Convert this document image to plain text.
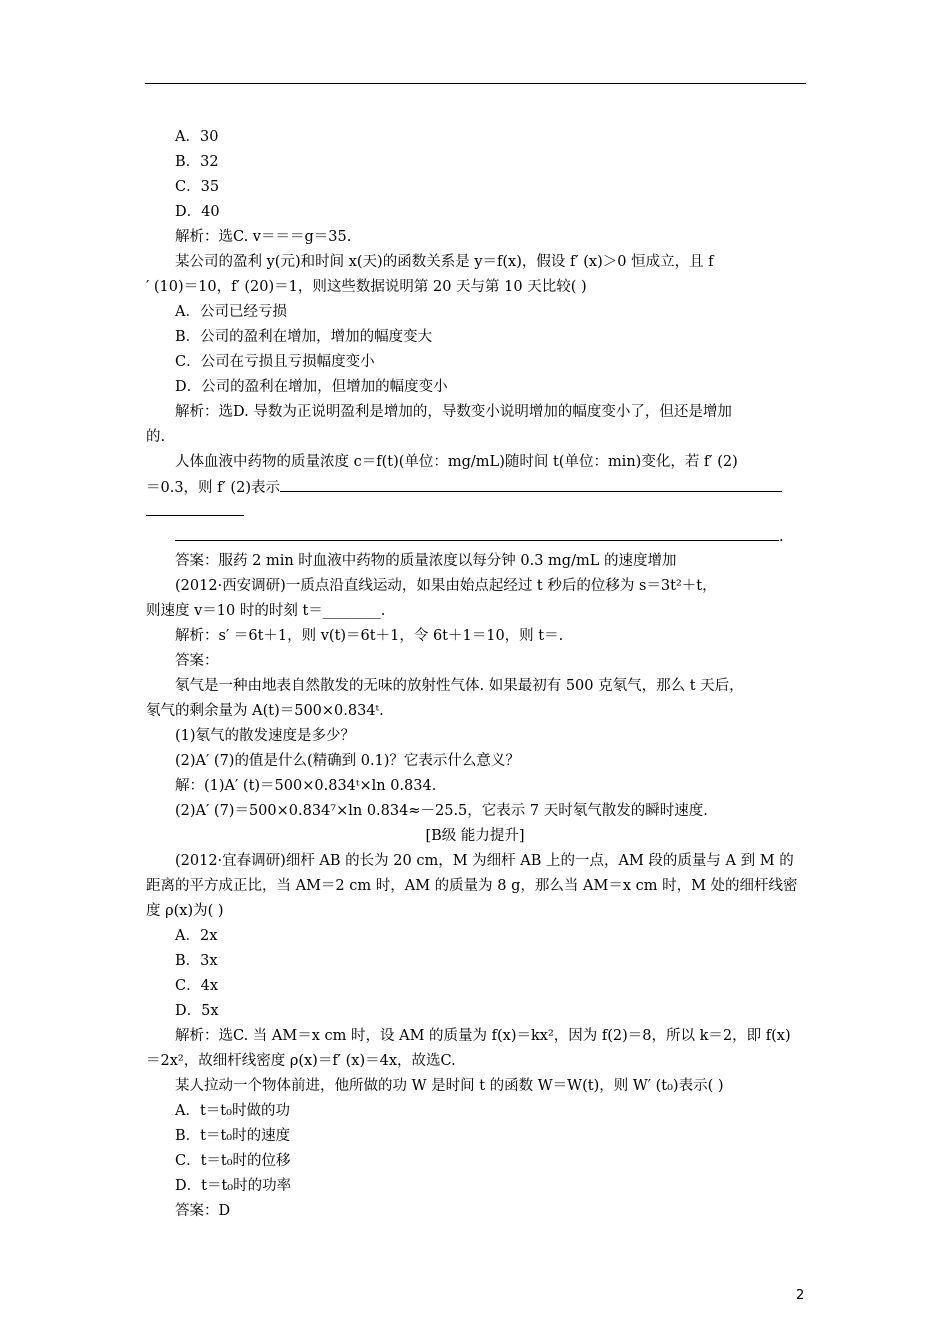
A．30
B．32
C．35
D．40
解析：选C. v＝＝＝g＝35.
某公司的盈利 y(元)和时间 x(天)的函数关系是 y＝f(x)，假设 f′ (x)＞0 恒成立，且 f
′ (10)＝10，f′ (20)＝1，则这些数据说明第 20 天与第 10 天比较( )
A．公司已经亏损
B．公司的盈利在增加，增加的幅度变大
C．公司在亏损且亏损幅度变小
D．公司的盈利在增加，但增加的幅度变小
解析：选D. 导数为正说明盈利是增加的，导数变小说明增加的幅度变小了，但还是增加
的.
人体血液中药物的质量浓度 c＝f(t)(单位：mg/mL)随时间 t(单位：min)变化，若 f′ (2)
＝0.3，则 f′ (2)表示
.
答案：服药 2 min 时血液中药物的质量浓度以每分钟 0.3 mg/mL 的速度增加
(2012·西安调研)一质点沿直线运动，如果由始点起经过 t 秒后的位移为 s＝3t²＋t，
则速度 v＝10 时的时刻 t＝________.
解析：s′ ＝6t＋1，则 v(t)＝6t＋1，令 6t＋1＝10，则 t＝.
答案：
氡气是一种由地表自然散发的无味的放射性气体. 如果最初有 500 克氡气，那么 t 天后，
氡气的剩余量为 A(t)＝500×0.834ᵗ.
(1)氡气的散发速度是多少？
(2)A′ (7)的值是什么(精确到 0.1)？它表示什么意义？
解：(1)A′ (t)＝500×0.834ᵗ×ln 0.834.
(2)A′ (7)＝500×0.834⁷×ln 0.834≈－25.5，它表示 7 天时氡气散发的瞬时速度.
[B级 能力提升]
(2012·宜春调研)细杆 AB 的长为 20 cm，M 为细杆 AB 上的一点，AM 段的质量与 A 到 M 的
距离的平方成正比，当 AM＝2 cm 时，AM 的质量为 8 g，那么当 AM＝x cm 时，M 处的细杆线密
度 ρ(x)为( )
A．2x
B．3x
C．4x
D．5x
解析：选C. 当 AM＝x cm 时，设 AM 的质量为 f(x)＝kx²，因为 f(2)＝8，所以 k＝2，即 f(x)
＝2x²，故细杆线密度 ρ(x)＝f′ (x)＝4x，故选C.
某人拉动一个物体前进，他所做的功 W 是时间 t 的函数 W＝W(t)，则 W′ (t₀)表示( )
A．t＝t₀时做的功
B．t＝t₀时的速度
C．t＝t₀时的位移
D．t＝t₀时的功率
答案：D
2
